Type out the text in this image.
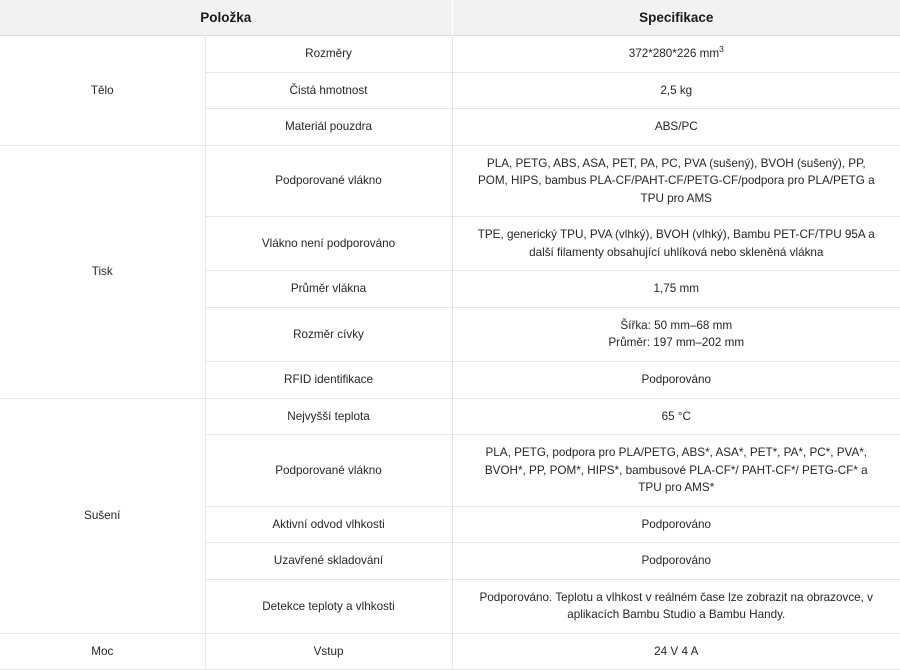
Položka		Specifikace
Tělo	Rozměry	372*280*226 $mm^3$
	Čistá hmotnost	2,5 kg
	Materiál pouzdra	ABS/PC
Tisk	Podporované vlákno	PLA, PETG, ABS, ASA, PET, PA, PC, PVA (sušený), BVOH (sušený), PP, POM, HIPS, bambus PLA-CF/PAHT-CF/PETG-CF/podpora pro PLA/PETG a TPU pro AMS
	Vlákno není podporováno	TPE, generický TPU, PVA (vlhký), BVOH (vlhký), Bambu PET-CF/TPU 95A a další filamenty obsahující uhlíková nebo skleněná vlákna
	Průměr vlákna	1,75 mm
	Rozměr cívky	Šířka: 50 mm–68 mm
Průměr: 197 mm–202 mm

	RFID identifikace	Podporováno
Sušení	Nejvyšší teplota	65 °C
	Podporované vlákno	PLA, PETG, podpora pro PLA/PETG, ABS*, ASA*, PET*, PA*, PC*, PVA*, BVOH*, PP, POM*, HIPS*, bambusové PLA-CF*/ PAHT-CF*/ PETG-CF* a TPU pro AMS*
	Aktivní odvod vlhkosti	Podporováno
	Uzavřené skladování	Podporováno
	Detekce teploty a vlhkosti	Podporováno. Teplotu a vlhkost v reálném čase lze zobrazit na obrazovce, v aplikacích Bambu Studio a Bambu Handy.
Moc	Vstup	24 V 4 A
